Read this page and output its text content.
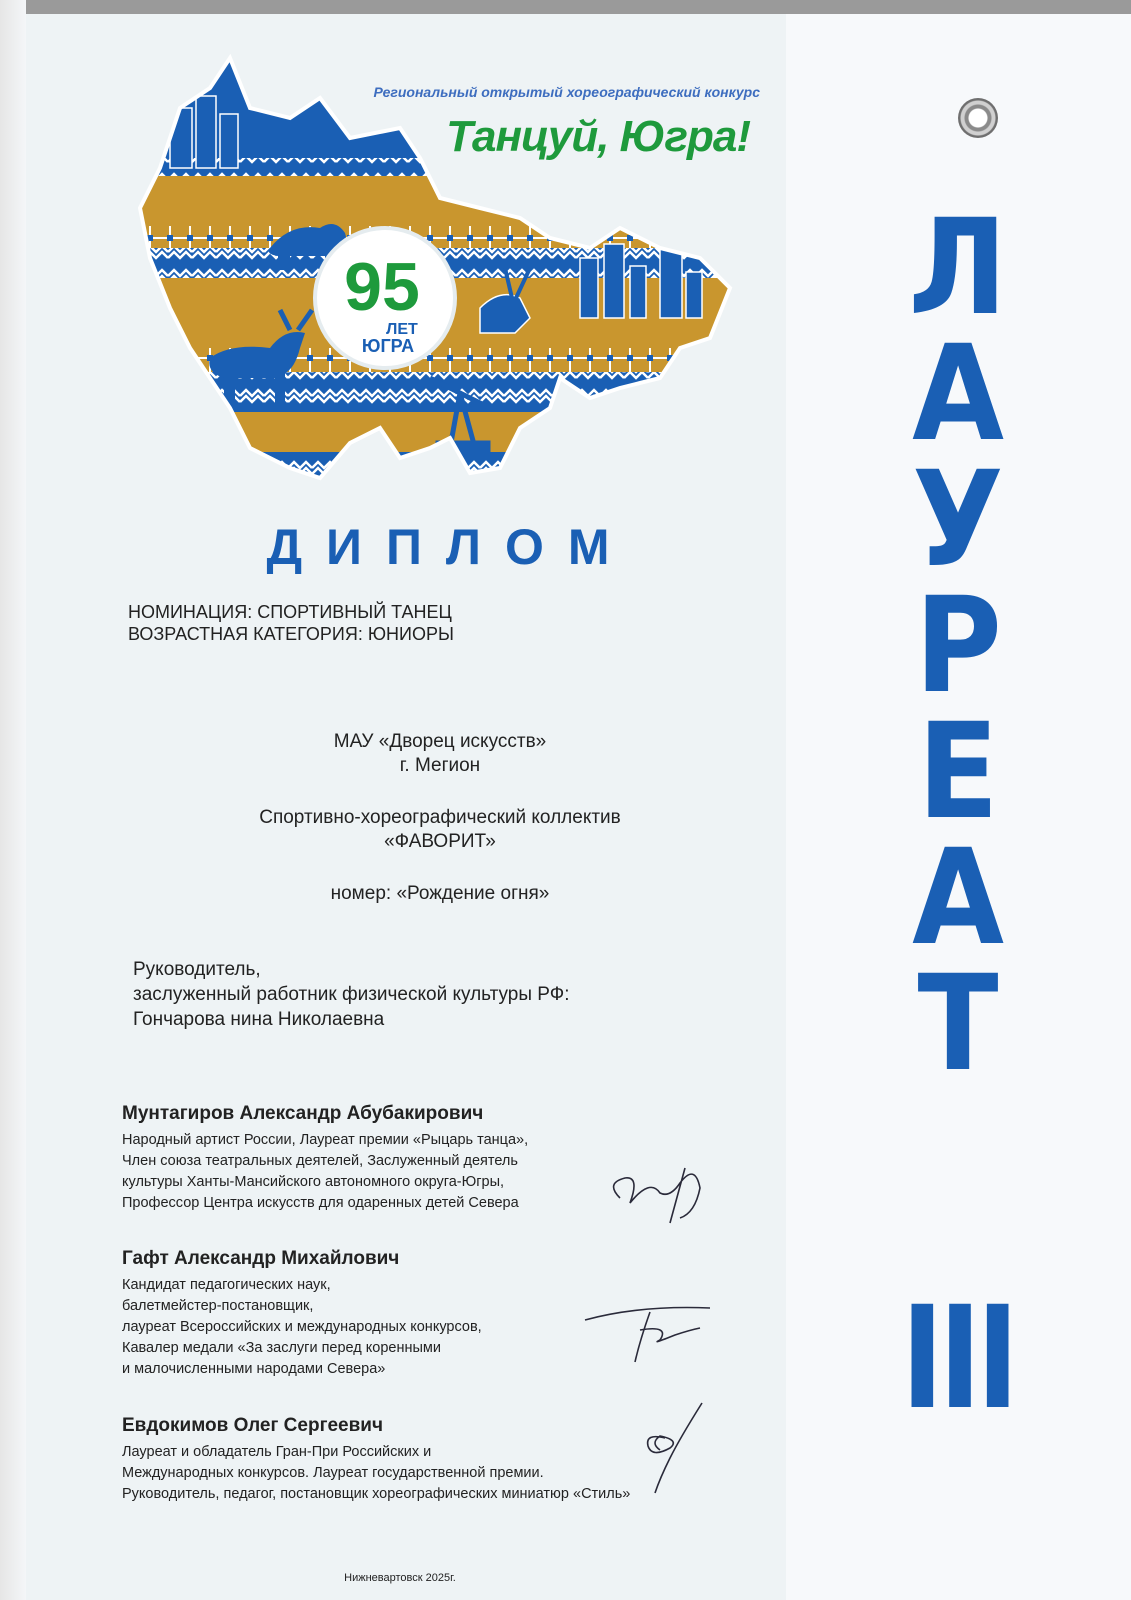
95
ЛЕТ
ЮГРА
Региональный открытый хореографический конкурс
Танцуй, Югра!
ДИПЛОМ
НОМИНАЦИЯ: СПОРТИВНЫЙ ТАНЕЦ
ВОЗРАСТНАЯ КАТЕГОРИЯ: ЮНИОРЫ

МАУ «Дворец искусств»

г. Мегион

Спортивно-хореографический коллектив

«ФАВОРИТ»

номер: «Рождение огня»

Руководитель,

заслуженный работник физической культуры РФ:

Гончарова нина Николаевна

Мунтагиров Александр Абубакирович
Народный артист России, Лауреат премии «Рыцарь танца»,
Член союза театральных деятелей, Заслуженный деятель
культуры Ханты-Мансийского автономного округа-Югры,
Профессор Центра искусств для одаренных детей Севера
Гафт Александр Михайлович
Кандидат педагогических наук,
балетмейстер-постановщик,
лауреат Всероссийских и международных конкурсов,
Кавалер медали «За заслуги перед коренными
и малочисленными народами Севера»
Евдокимов Олег Сергеевич
Лауреат и обладатель Гран-При Российских и
Международных конкурсов. Лауреат государственной премии.
Руководитель, педагог, постановщик хореографических миниатюр «Стиль»
Л
А
У
Р
Е
А
Т
III
Нижневартовск 2025г.
